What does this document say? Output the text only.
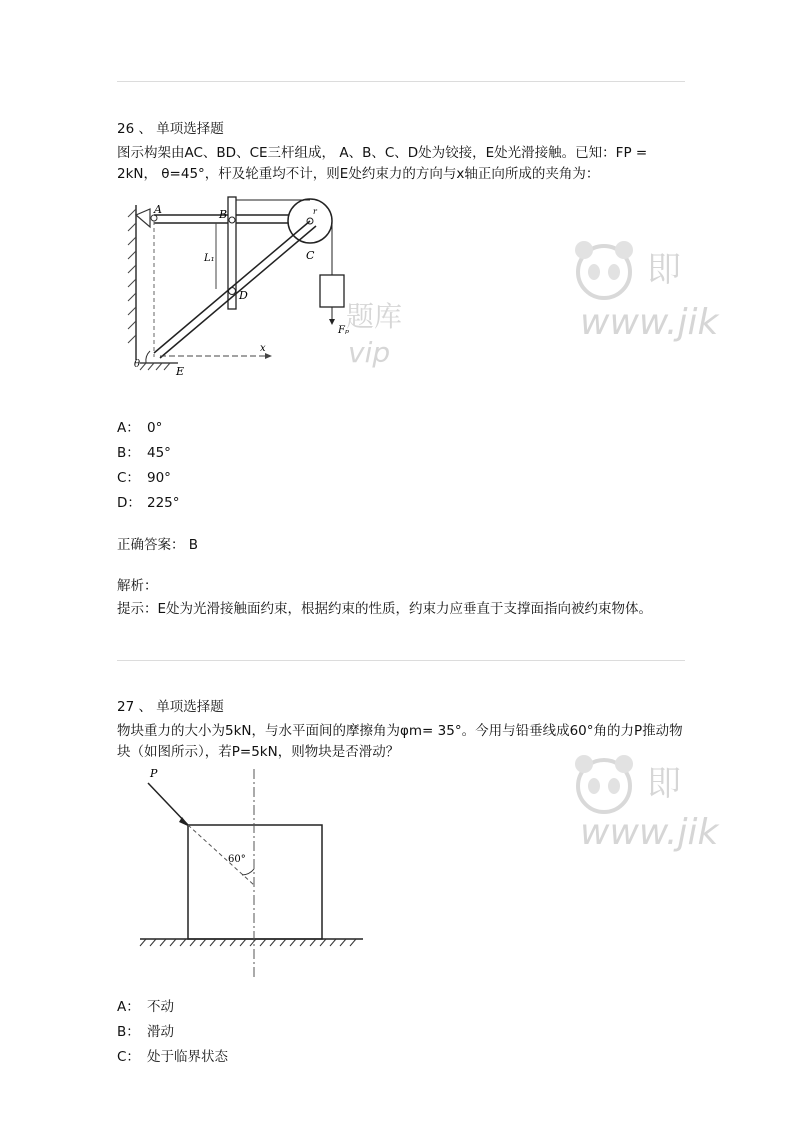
26 、 单项选择题
图示构架由AC、BD、CE三杆组成， A、B、C、D处为铰接，E处光滑接触。已知：FP = 2kN， θ=45°，杆及轮重均不计，则E处约束力的方向与x轴正向所成的夹角为：
A	B
C
D
E
L₁
x
θ
Fₚ
r
即
www.jik
题库
vip
A： 0°
B： 45°
C： 90°
D： 225°
正确答案： B
解析：
提示：E处为光滑接触面约束，根据约束的性质，约束力应垂直于支撑面指向被约束物体。
27 、 单项选择题
物块重力的大小为5kN，与水平面间的摩擦角为φm= 35°。今用与铅垂线成60°角的力P推动物块（如图所示），若P=5kN，则物块是否滑动？
P
60°
即
www.jik
A： 不动
B： 滑动
C： 处于临界状态
